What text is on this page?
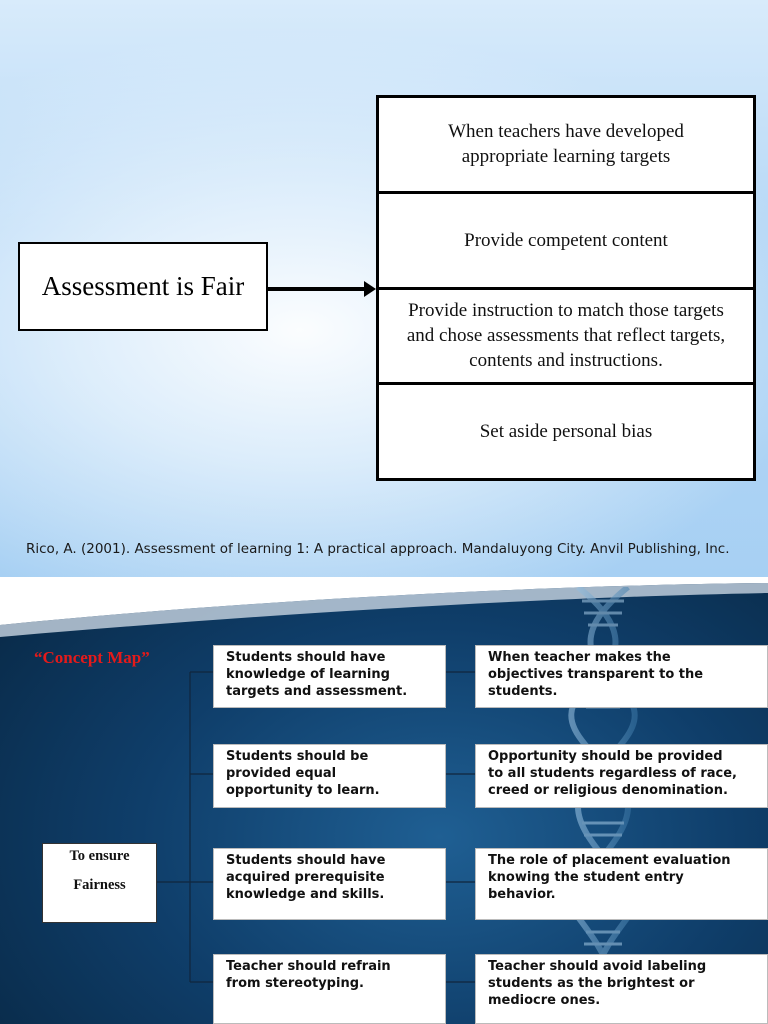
Assessment is Fair
When teachers have developed
appropriate learning targets
Provide competent content
Provide instruction to match those targets
and chose assessments that reflect targets,
contents and instructions.
Set aside personal bias
Rico, A. (2001). Assessment of learning 1: A practical approach. Mandaluyong City. Anvil Publishing, Inc.
“Concept Map”
To ensure
Fairness
Students should have
knowledge of learning
targets and assessment.
When teacher makes the
objectives transparent to the
students.
Students should be
provided equal
opportunity to learn.
Opportunity should be provided
to all students regardless of race,
creed or religious denomination.
Students should have
acquired prerequisite
knowledge and skills.
The role of placement evaluation
knowing the student entry
behavior.
Teacher should refrain
from stereotyping.
Teacher should avoid labeling
students as the brightest or
mediocre ones.
